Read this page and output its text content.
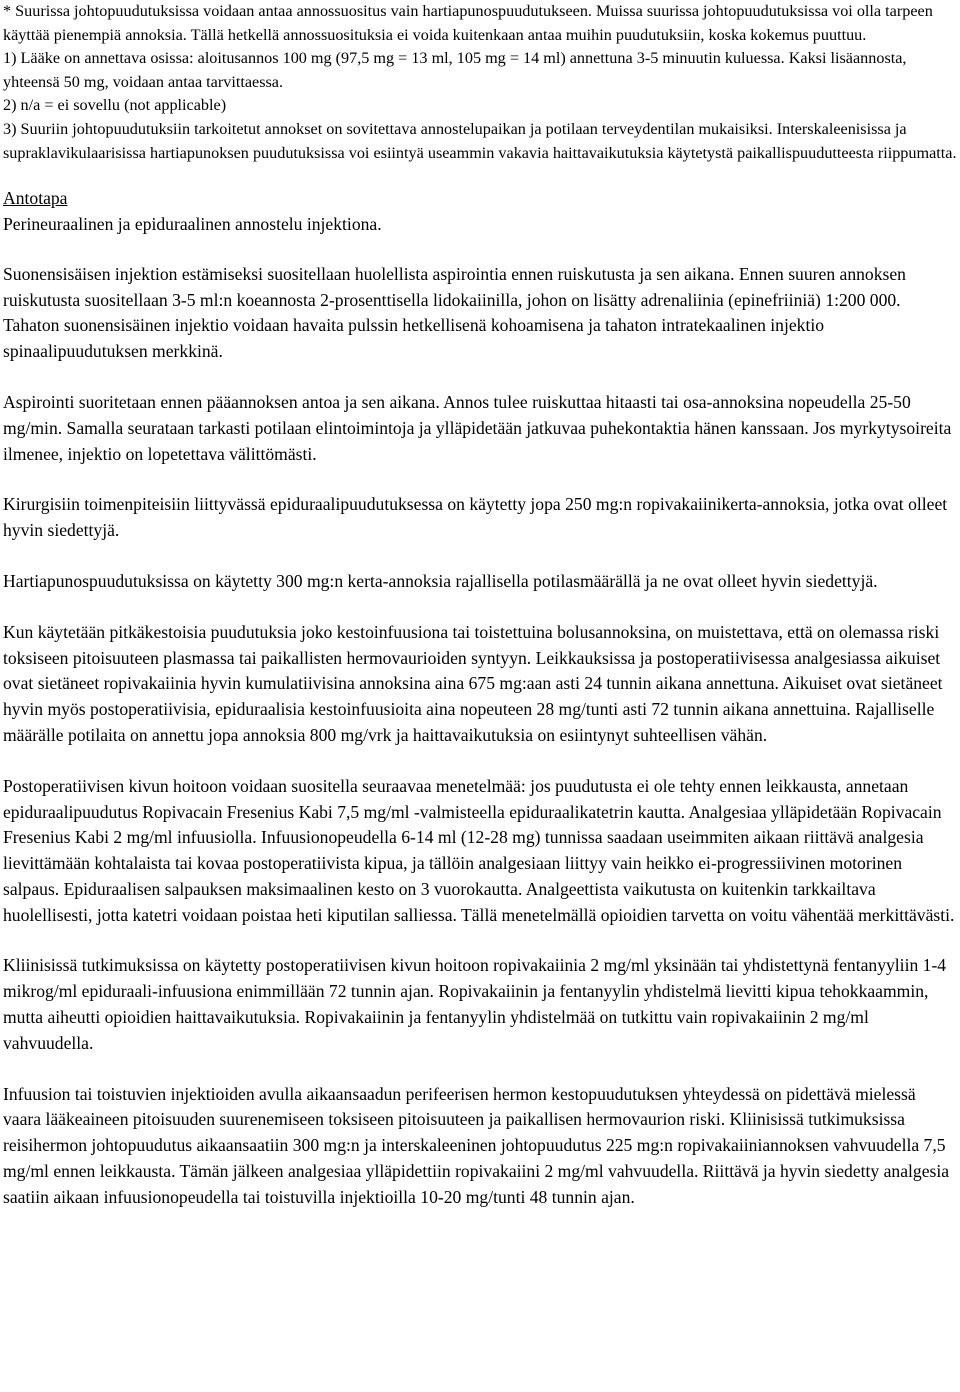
* Suurissa johtopuudutuksissa voidaan antaa annossuositus vain hartiapunospuudutukseen. Muissa suurissa johtopuudutuksissa voi olla tarpeen käyttää pienempiä annoksia. Tällä hetkellä annossuosituksia ei voida kuitenkaan antaa muihin puudutuksiin, koska kokemus puuttuu.

1) Lääke on annettava osissa: aloitusannos 100 mg (97,5 mg = 13 ml, 105 mg = 14 ml) annettuna 3-5 minuutin kuluessa. Kaksi lisäannosta, yhteensä 50 mg, voidaan antaa tarvittaessa.

2) n/a = ei sovellu (not applicable)

3) Suuriin johtopuudutuksiin tarkoitetut annokset on sovitettava annostelupaikan ja potilaan terveydentilan mukaisiksi. Interskaleenisissa ja supraklavikulaarisissa hartiapunoksen puudutuksissa voi esiintyä useammin vakavia haittavaikutuksia käytetystä paikallispuudutteesta riippumatta.

Antotapa

Perineuraalinen ja epiduraalinen annostelu injektiona.

Suonensisäisen injektion estämiseksi suositellaan huolellista aspirointia ennen ruiskutusta ja sen aikana. Ennen suuren annoksen ruiskutusta suositellaan 3-5 ml:n koeannosta 2-prosenttisella lidokaiinilla, johon on lisätty adrenaliinia (epinefriiniä) 1:200 000. Tahaton suonensisäinen injektio voidaan havaita pulssin hetkellisenä kohoamisena ja tahaton intratekaalinen injektio spinaalipuudutuksen merkkinä.

Aspirointi suoritetaan ennen pääannoksen antoa ja sen aikana. Annos tulee ruiskuttaa hitaasti tai osa-annoksina nopeudella 25-50 mg/min. Samalla seurataan tarkasti potilaan elintoimintoja ja ylläpidetään jatkuvaa puhekontaktia hänen kanssaan. Jos myrkytysoireita ilmenee, injektio on lopetettava välittömästi.

Kirurgisiin toimenpiteisiin liittyvässä epiduraalipuudutuksessa on käytetty jopa 250 mg:n ropivakaiinikerta-annoksia, jotka ovat olleet hyvin siedettyjä.

Hartiapunospuudutuksissa on käytetty 300 mg:n kerta-annoksia rajallisella potilasmäärällä ja ne ovat olleet hyvin siedettyjä.

Kun käytetään pitkäkestoisia puudutuksia joko kestoinfuusiona tai toistettuina bolusannoksina, on muistettava, että on olemassa riski toksiseen pitoisuuteen plasmassa tai paikallisten hermovaurioiden syntyyn. Leikkauksissa ja postoperatiivisessa analgesiassa aikuiset ovat sietäneet ropivakaiinia hyvin kumulatiivisina annoksina aina 675 mg:aan asti 24 tunnin aikana annettuna. Aikuiset ovat sietäneet hyvin myös postoperatiivisia, epiduraalisia kestoinfuusioita aina nopeuteen 28 mg/tunti asti 72 tunnin aikana annettuina. Rajalliselle määrälle potilaita on annettu jopa annoksia 800 mg/vrk ja haittavaikutuksia on esiintynyt suhteellisen vähän.

Postoperatiivisen kivun hoitoon voidaan suositella seuraavaa menetelmää: jos puudutusta ei ole tehty ennen leikkausta, annetaan epiduraalipuudutus Ropivacain Fresenius Kabi 7,5 mg/ml -valmisteella epiduraalikatetrin kautta. Analgesiaa ylläpidetään Ropivacain Fresenius Kabi 2 mg/ml infuusiolla. Infuusionopeudella 6-14 ml (12-28 mg) tunnissa saadaan useimmiten aikaan riittävä analgesia lievittämään kohtalaista tai kovaa postoperatiivista kipua, ja tällöin analgesiaan liittyy vain heikko ei-progressiivinen motorinen salpaus. Epiduraalisen salpauksen maksimaalinen kesto on 3 vuorokautta. Analgeettista vaikutusta on kuitenkin tarkkailtava huolellisesti, jotta katetri voidaan poistaa heti kiputilan salliessa. Tällä menetelmällä opioidien tarvetta on voitu vähentää merkittävästi.

Kliinisissä tutkimuksissa on käytetty postoperatiivisen kivun hoitoon ropivakaiinia 2 mg/ml yksinään tai yhdistettynä fentanyyliin 1-4 mikrog/ml epiduraali-infuusiona enimmillään 72 tunnin ajan. Ropivakaiinin ja fentanyylin yhdistelmä lievitti kipua tehokkaammin, mutta aiheutti opioidien haittavaikutuksia. Ropivakaiinin ja fentanyylin yhdistelmää on tutkittu vain ropivakaiinin 2 mg/ml vahvuudella.

Infuusion tai toistuvien injektioiden avulla aikaansaadun perifeerisen hermon kestopuudutuksen yhteydessä on pidettävä mielessä vaara lääkeaineen pitoisuuden suurenemiseen toksiseen pitoisuuteen ja paikallisen hermovaurion riski. Kliinisissä tutkimuksissa reisihermon johtopuudutus aikaansaatiin 300 mg:n ja interskaleeninen johtopuudutus 225 mg:n ropivakaiiniannoksen vahvuudella 7,5 mg/ml ennen leikkausta. Tämän jälkeen analgesiaa ylläpidettiin ropivakaiini 2 mg/ml vahvuudella. Riittävä ja hyvin siedetty analgesia saatiin aikaan infuusionopeudella tai toistuvilla injektioilla 10-20 mg/tunti 48 tunnin ajan.
